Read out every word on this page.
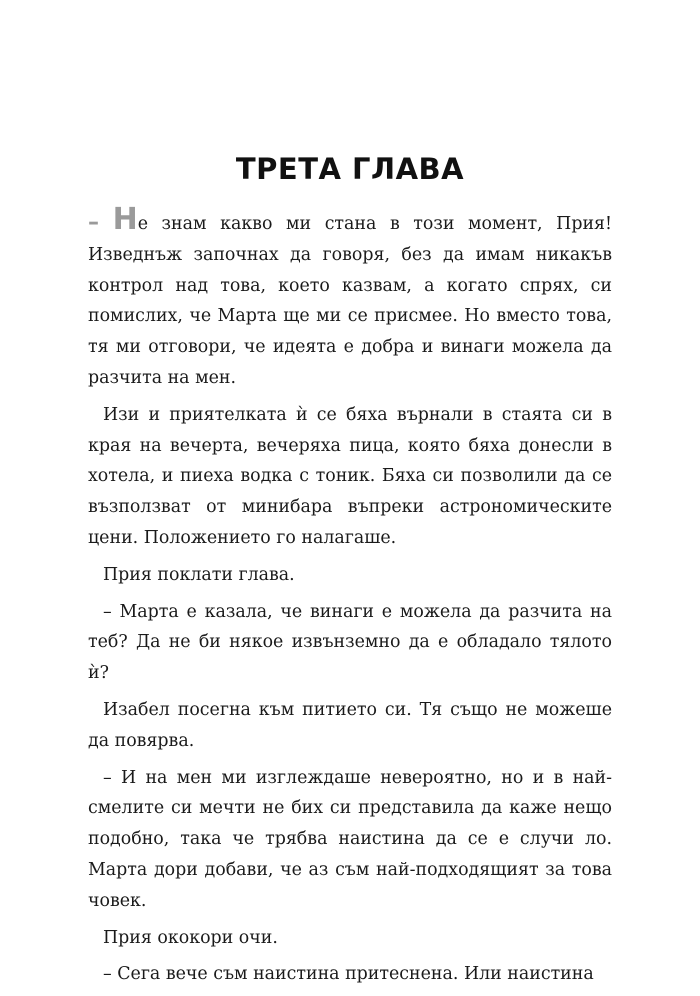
ТРЕТА ГЛАВА

– Не знам какво ми стана в този момент, Прия! Изведнъж започнах да говоря, без да имам никакъв контрол над това, което казвам, а когато спрях, си помислих, че Марта ще ми се присмее. Но вместо това, тя ми отговори, че идеята е добра и винаги можела да разчита на мен.

Изи и приятелката ѝ се бяха върнали в стаята си в края на вечерта, вечеряха пица, която бяха донесли в хотела, и пиеха водка с тоник. Бяха си позволили да се възползват от минибара въпреки астрономическите цени. Положението го налагаше.

Прия поклати глава.

– Марта е казала, че винаги е можела да разчита на теб? Да не би някое извънземно да е обладало тялото ѝ?

Изабел посегна към питието си. Тя също не можеше да повярва.

– И на мен ми изглеждаше невероятно, но и в най-смелите си мечти не бих си представила да каже нещо подобно, така че трябва наистина да се е случи ло. Марта дори добави, че аз съм най-подходящият за това човек.

Прия ококори очи.

– Сега вече съм наистина притеснена. Или наистина
